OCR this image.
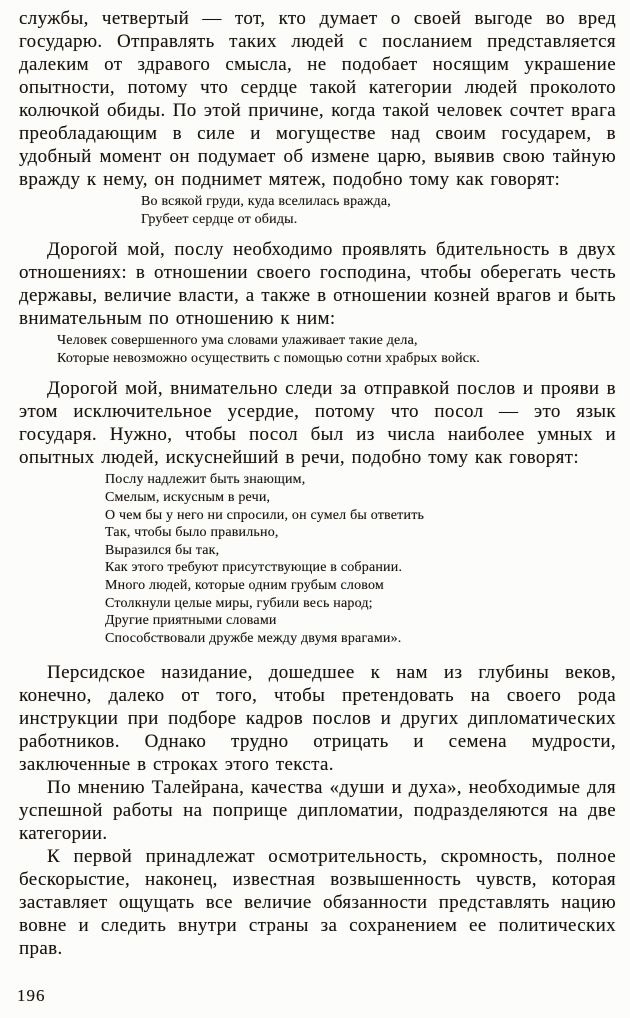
службы, четвертый — тот, кто думает о своей выгоде во вред государю. Отправлять таких людей с посланием представляется далеким от здравого смысла, не подобает носящим украшение опытности, потому что сердце такой категории людей проколото колючкой обиды. По этой причине, когда такой человек сочтет врага преобладающим в силе и могуществе над своим государем, в удобный момент он подумает об измене царю, выявив свою тайную вражду к нему, он поднимет мятеж, подобно тому как говорят:

Во всякой груди, куда вселилась вражда,
Грубеет сердце от обиды.

Дорогой мой, послу необходимо проявлять бдительность в двух отношениях: в отношении своего господина, чтобы оберегать честь державы, величие власти, а также в отношении козней врагов и быть внимательным по отношению к ним:

Человек совершенного ума словами улаживает такие дела,
Которые невозможно осуществить с помощью сотни храбрых войск.

Дорогой мой, внимательно следи за отправкой послов и прояви в этом исключительное усердие, потому что посол — это язык государя. Нужно, чтобы посол был из числа наиболее умных и опытных людей, искуснейший в речи, подобно тому как говорят:

Послу надлежит быть знающим,
Смелым, искусным в речи,
О чем бы у него ни спросили, он сумел бы ответить
Так, чтобы было правильно,
Выразился бы так,
Как этого требуют присутствующие в собрании.
Много людей, которые одним грубым словом
Столкнули целые миры, губили весь народ;
Другие приятными словами
Способствовали дружбе между двумя врагами».

Персидское назидание, дошедшее к нам из глубины веков, конечно, далеко от того, чтобы претендовать на своего рода инструкции при подборе кадров послов и других дипломатических работников. Однако трудно отрицать и семена мудрости, заключенные в строках этого текста.

По мнению Талейрана, качества «души и духа», необходимые для успешной работы на поприще дипломатии, подразделяются на две категории.

К первой принадлежат осмотрительность, скромность, полное бескорыстие, наконец, известная возвышенность чувств, которая заставляет ощущать все величие обязанности представлять нацию вовне и следить внутри страны за сохранением ее политических прав.

196
